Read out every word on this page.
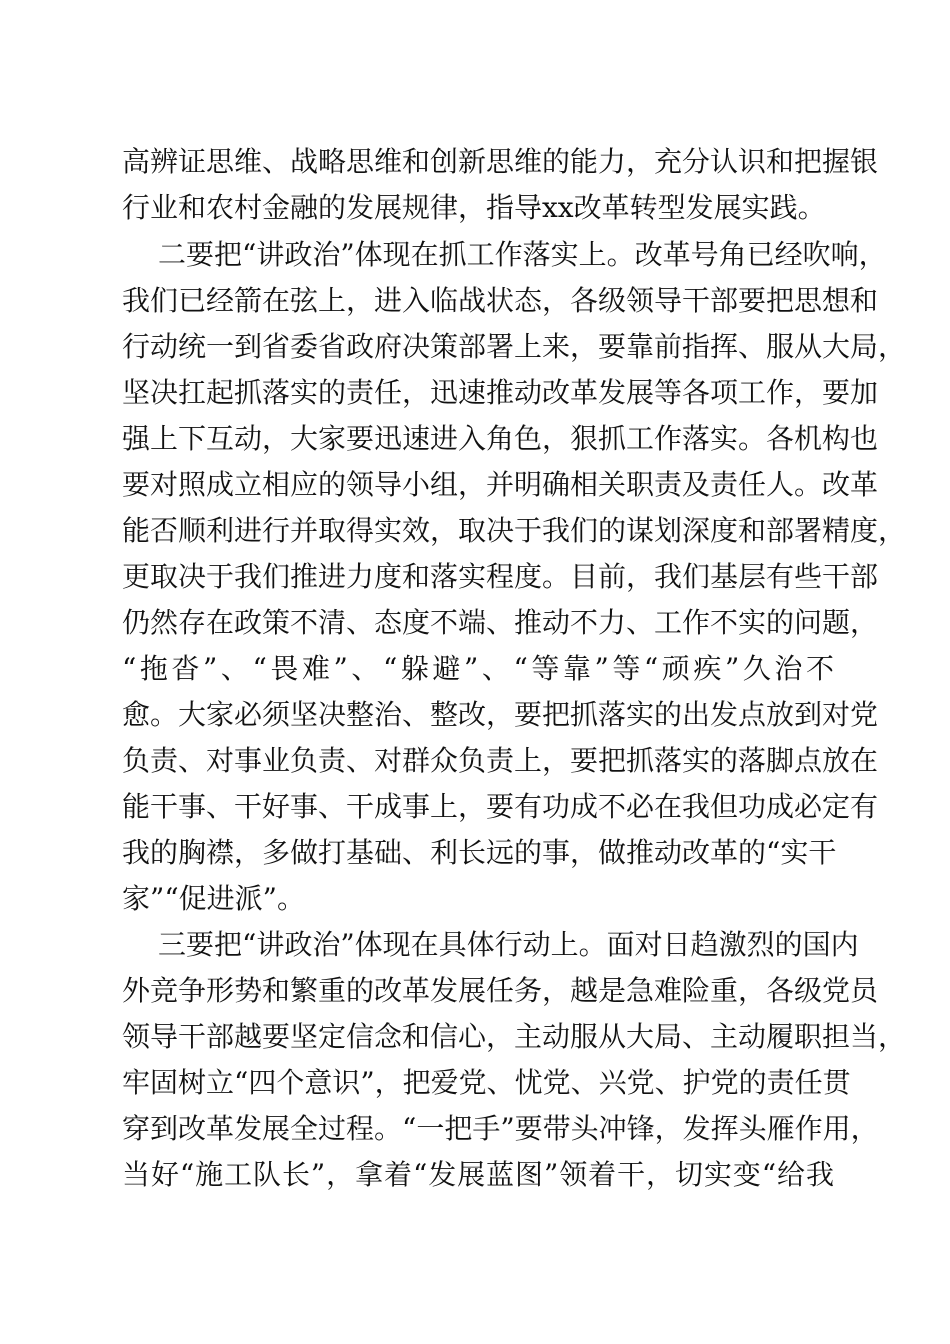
高辨证思维、战略思维和创新思维的能力，充分认识和把握银
行业和农村金融的发展规律，指导xx改革转型发展实践。
二要把“讲政治”体现在抓工作落实上。改革号角已经吹响，
我们已经箭在弦上，进入临战状态，各级领导干部要把思想和
行动统一到省委省政府决策部署上来，要靠前指挥、服从大局，
坚决扛起抓落实的责任，迅速推动改革发展等各项工作，要加
强上下互动，大家要迅速进入角色，狠抓工作落实。各机构也
要对照成立相应的领导小组，并明确相关职责及责任人。改革
能否顺利进行并取得实效，取决于我们的谋划深度和部署精度，
更取决于我们推进力度和落实程度。目前，我们基层有些干部
仍然存在政策不清、态度不端、推动不力、工作不实的问题，
“拖沓”、“畏难”、“躲避”、“等靠”等“顽疾”久治不
愈。大家必须坚决整治、整改，要把抓落实的出发点放到对党
负责、对事业负责、对群众负责上，要把抓落实的落脚点放在
能干事、干好事、干成事上，要有功成不必在我但功成必定有
我的胸襟，多做打基础、利长远的事，做推动改革的“实干
家”“促进派”。
三要把“讲政治”体现在具体行动上。面对日趋激烈的国内
外竞争形势和繁重的改革发展任务，越是急难险重，各级党员
领导干部越要坚定信念和信心，主动服从大局、主动履职担当，
牢固树立“四个意识”，把爱党、忧党、兴党、护党的责任贯
穿到改革发展全过程。“一把手”要带头冲锋，发挥头雁作用，
当好“施工队长”，拿着“发展蓝图”领着干，切实变“给我
